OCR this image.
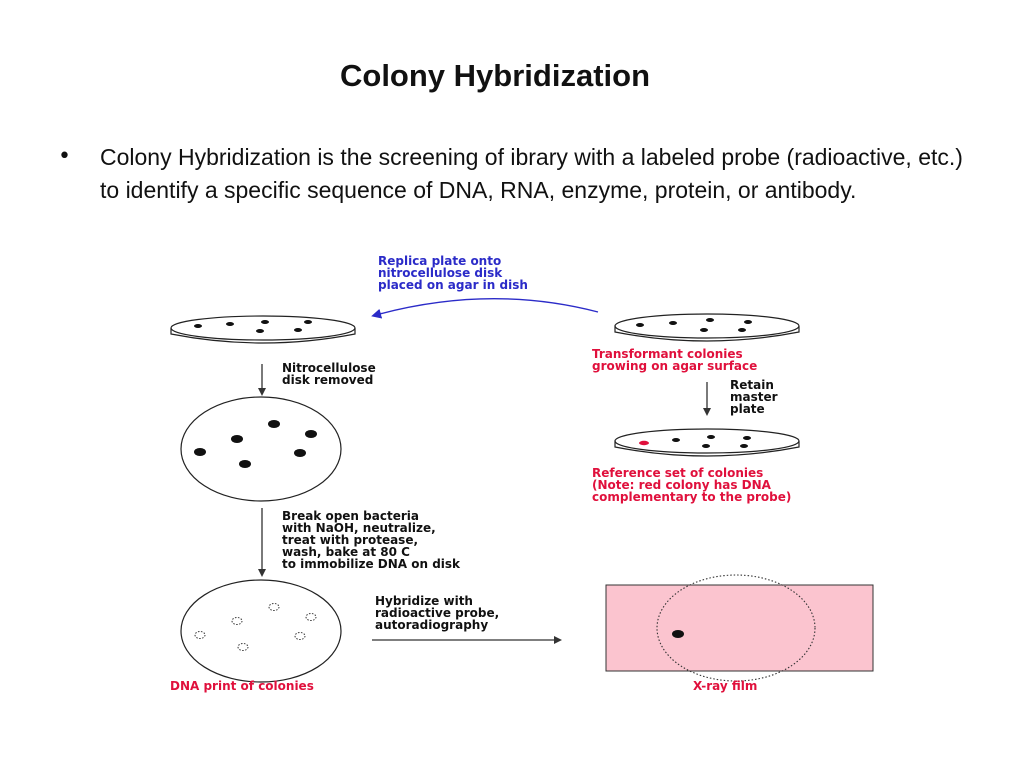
Colony Hybridization
• Colony Hybridization is the screening of ibrary with a labeled probe (radioactive, etc.) to identify a specific sequence of DNA, RNA, enzyme, protein, or antibody.
Replica plate onto nitrocellulose disk placed on agar in dish
Transformant colonies growing on agar surface
Nitrocellulose disk removed	Retain master plate
Reference set of colonies (Note: red colony has DNA complementary to the probe)
Break open bacteria with NaOH, neutralize, treat with protease, wash, bake at 80 C to immobilize DNA on disk
DNA print of colonies
Hybridize with radioactive probe, autoradiography
X-ray film
